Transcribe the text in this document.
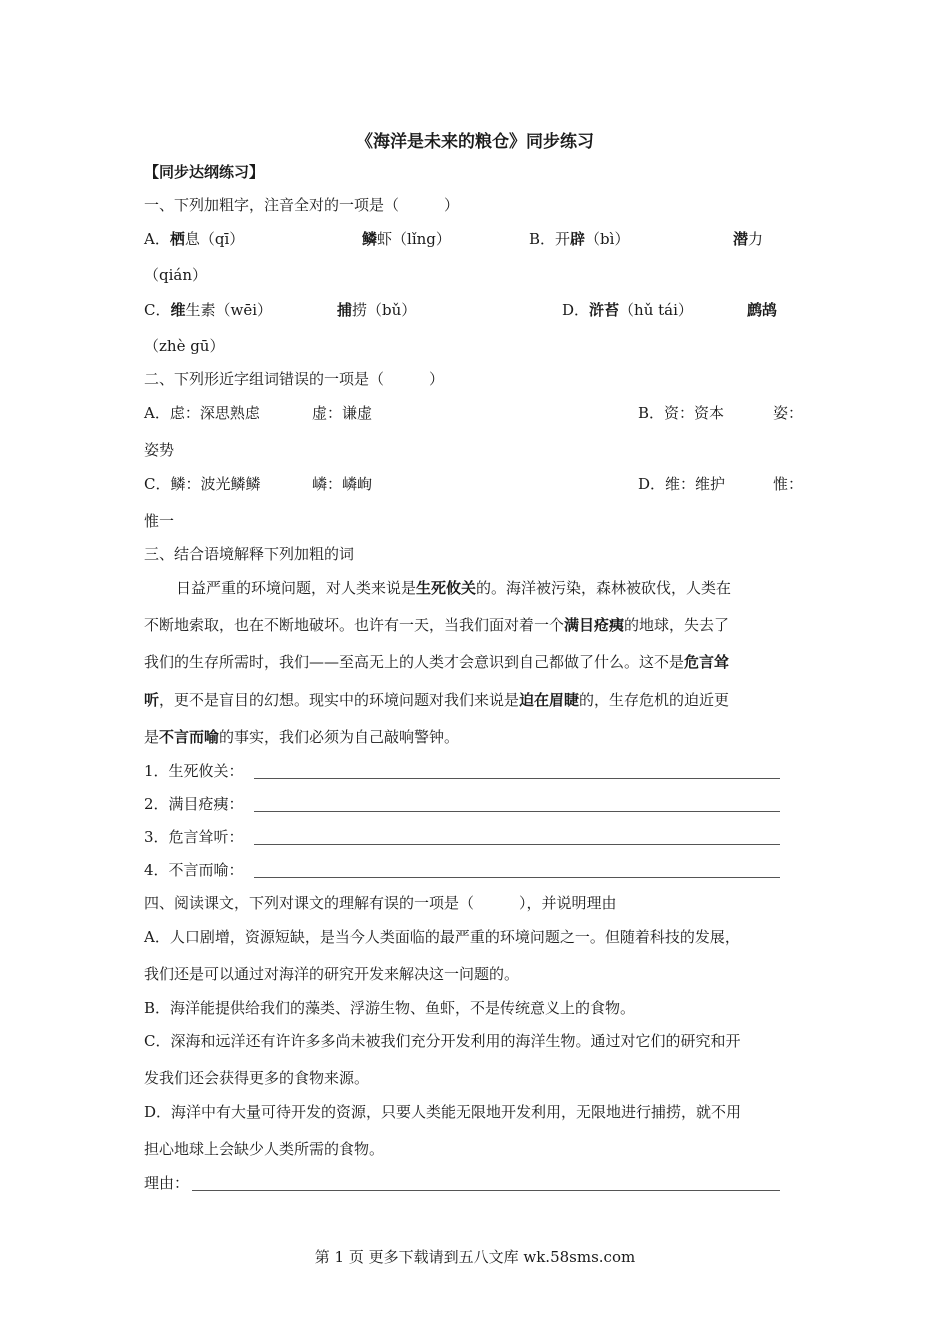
《海洋是未来的粮仓》同步练习
【同步达纲练习】
一、下列加粗字，注音全对的一项是（　　　）
A．栖息（qī）	鳞虾（lǐng）	B．开辟（bì）	潜力
（qián）
C．维生素（wēi）	捕捞（bǔ）	D．浒苔（hǔ tái）	鹧鸪
（zhè gū）
二、下列形近字组词错误的一项是（　　　）
A．虑：深思熟虑	虚：谦虚	B．资：资本	姿：
姿势
C．鳞：波光鳞鳞	嶙：嶙峋	D．维：维护	惟：
惟一
三、结合语境解释下列加粗的词
日益严重的环境问题，对人类来说是生死攸关的。海洋被污染，森林被砍伐，人类在
不断地索取，也在不断地破坏。也许有一天，当我们面对着一个满目疮痍的地球，失去了
我们的生存所需时，我们——至高无上的人类才会意识到自己都做了什么。这不是危言耸
听，更不是盲目的幻想。现实中的环境问题对我们来说是迫在眉睫的，生存危机的迫近更
是不言而喻的事实，我们必须为自己敲响警钟。
1．生死攸关：
2．满目疮痍：
3．危言耸听：
4．不言而喻：
四、阅读课文，下列对课文的理解有误的一项是（　　　），并说明理由
A．人口剧增，资源短缺，是当今人类面临的最严重的环境问题之一。但随着科技的发展，
我们还是可以通过对海洋的研究开发来解决这一问题的。
B．海洋能提供给我们的藻类、浮游生物、鱼虾，不是传统意义上的食物。
C．深海和远洋还有许许多多尚未被我们充分开发利用的海洋生物。通过对它们的研究和开
发我们还会获得更多的食物来源。
D．海洋中有大量可待开发的资源，只要人类能无限地开发利用，无限地进行捕捞，就不用
担心地球上会缺少人类所需的食物。
理由：
第 1 页 更多下载请到五八文库 wk.58sms.com
